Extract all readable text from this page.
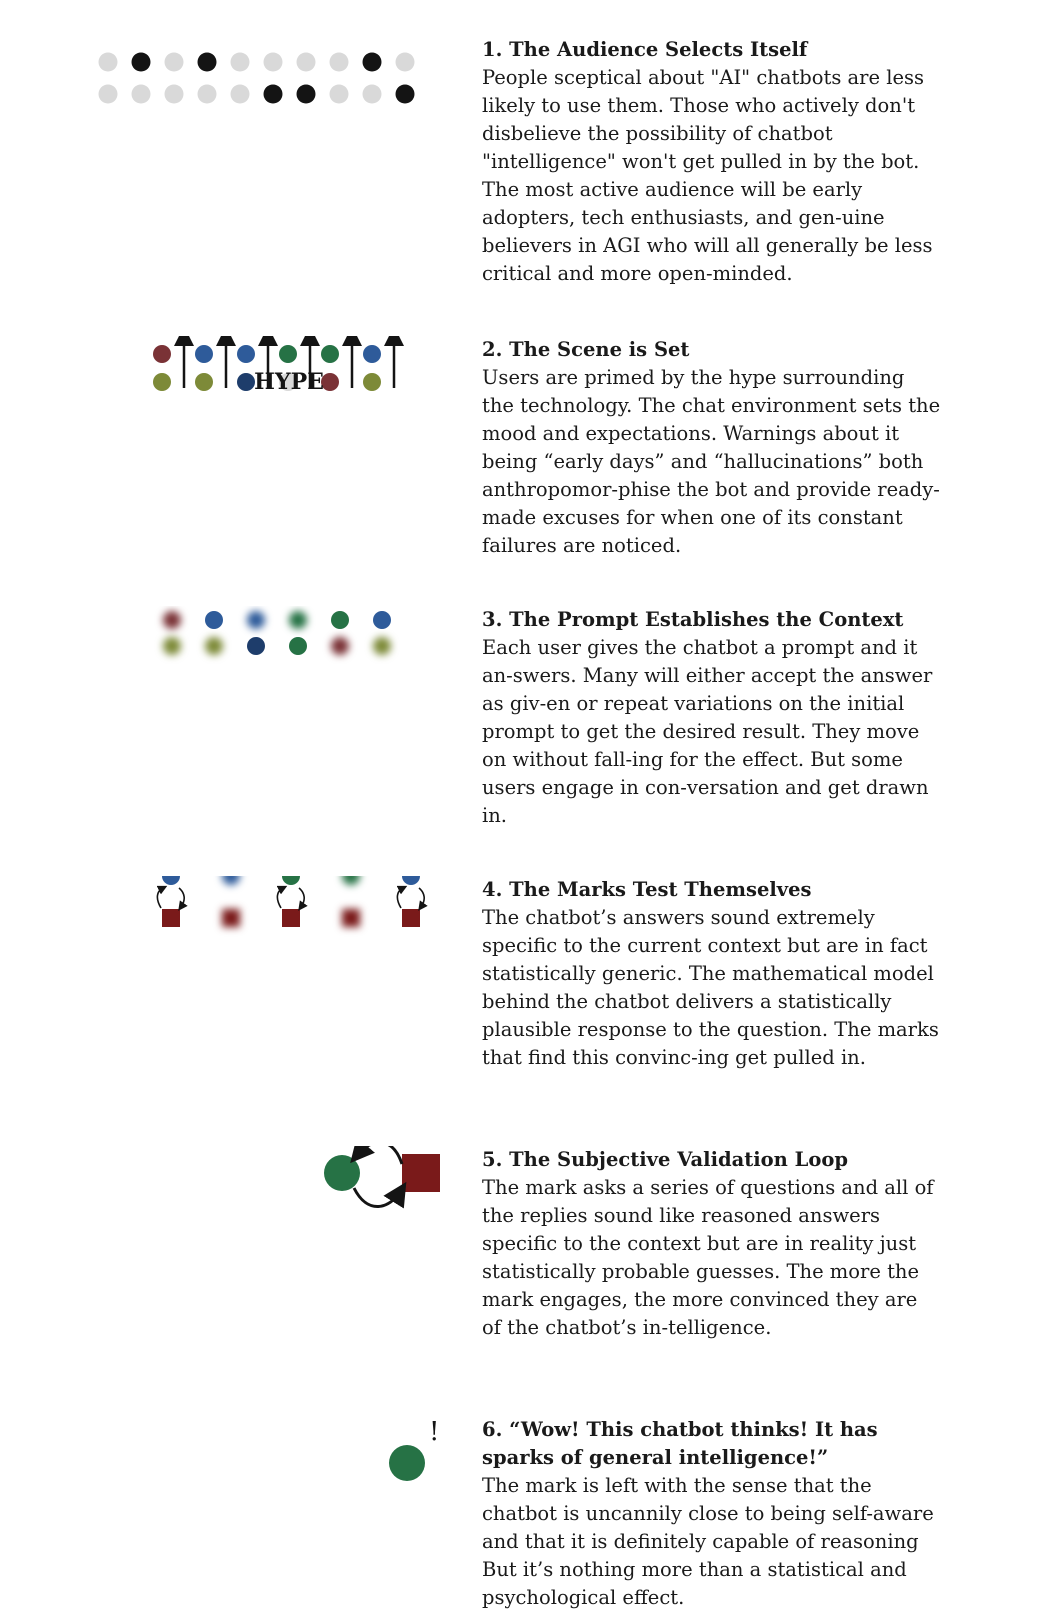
1. The Audience Selects Itself

People sceptical about "AI" chatbots are less likely to use them. Those who actively don't disbelieve the possibility of chatbot "intelligence" won't get pulled in by the bot. The most active audience will be early adopters, tech enthusiasts, and gen-uine believers in AGI who will all generally be less critical and more open-minded.

HYPE

2. The Scene is Set

Users are primed by the hype surrounding the technology. The chat environment sets the mood and expectations. Warnings about it being “early days” and “hallucinations” both anthropomor-phise the bot and provide ready-made excuses for when one of its constant failures are noticed.

3. The Prompt Establishes the Context

Each user gives the chatbot a prompt and it an-swers. Many will either accept the answer as giv-en or repeat variations on the initial prompt to get the desired result. They move on without fall-ing for the effect. But some users engage in con-versation and get drawn in.

4. The Marks Test Themselves

The chatbot’s answers sound extremely specific to the current context but are in fact statistically generic. The mathematical model behind the chatbot delivers a statistically plausible response to the question. The marks that find this convinc-ing get pulled in.

5. The Subjective Validation Loop

The mark asks a series of questions and all of the replies sound like reasoned answers specific to the context but are in reality just statistically probable guesses. The more the mark engages, the more convinced they are of the chatbot’s in-telligence.

! 6. “Wow! This chatbot thinks! It has sparks of general intelligence!”

The mark is left with the sense that the chatbot is uncannily close to being self-aware and that it is definitely capable of reasoning But it’s nothing more than a statistical and psychological effect.
